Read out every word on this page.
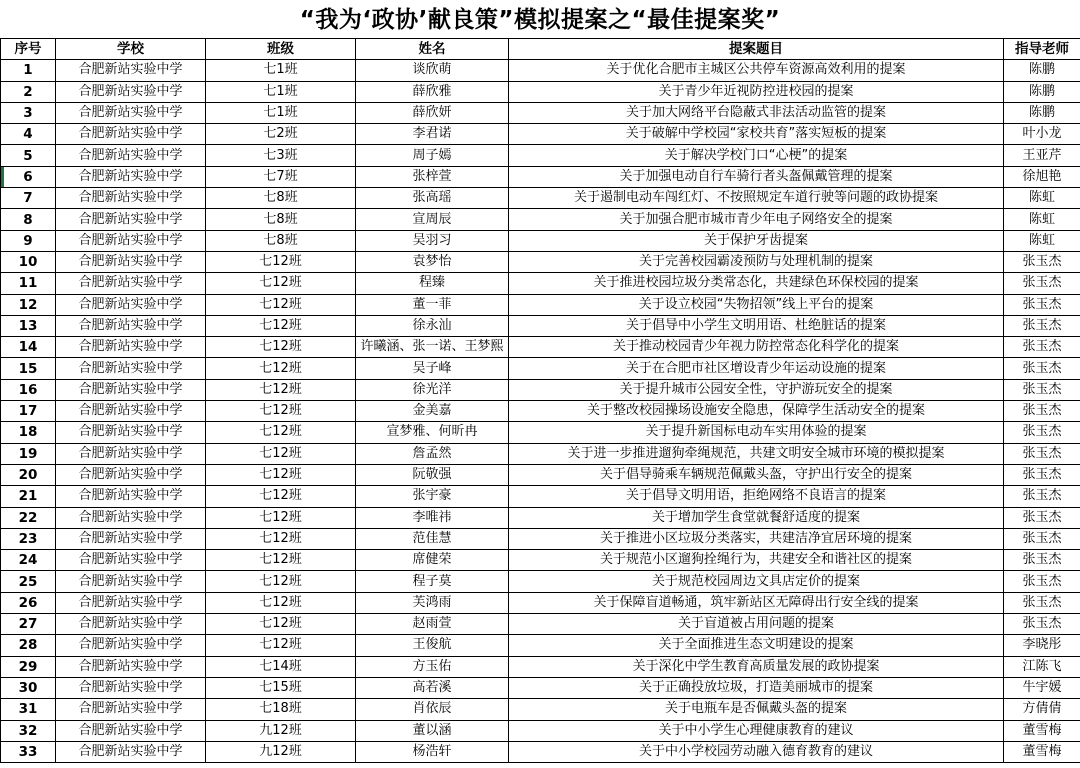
“我为‘政协’献良策”模拟提案之“最佳提案奖”
序号	学校	班级	姓名	提案题目	指导老师
1	合肥新站实验中学	七1班	谈欣萌	关于优化合肥市主城区公共停车资源高效利用的提案	陈鹏
2	合肥新站实验中学	七1班	薛欣雅	关于青少年近视防控进校园的提案	陈鹏
3	合肥新站实验中学	七1班	薛欣妍	关于加大网络平台隐蔽式非法活动监管的提案	陈鹏
4	合肥新站实验中学	七2班	李君诺	关于破解中学校园“家校共育”落实短板的提案	叶小龙
5	合肥新站实验中学	七3班	周子嫣	关于解决学校门口“心梗”的提案	王亚芹
6	合肥新站实验中学	七7班	张梓萱	关于加强电动自行车骑行者头盔佩戴管理的提案	徐旭艳
7	合肥新站实验中学	七8班	张高瑶	关于遏制电动车闯红灯、不按照规定车道行驶等问题的政协提案	陈虹
8	合肥新站实验中学	七8班	宣周辰	关于加强合肥市城市青少年电子网络安全的提案	陈虹
9	合肥新站实验中学	七8班	吴羽习	关于保护牙齿提案	陈虹
10	合肥新站实验中学	七12班	袁梦怡	关于完善校园霸凌预防与处理机制的提案	张玉杰
11	合肥新站实验中学	七12班	程臻	关于推进校园垃圾分类常态化，共建绿色环保校园的提案	张玉杰
12	合肥新站实验中学	七12班	董一菲	关于设立校园“失物招领”线上平台的提案	张玉杰
13	合肥新站实验中学	七12班	徐永汕	关于倡导中小学生文明用语、杜绝脏话的提案	张玉杰
14	合肥新站实验中学	七12班	许曦涵、张一诺、王梦熙	关于推动校园青少年视力防控常态化科学化的提案	张玉杰
15	合肥新站实验中学	七12班	吴子峰	关于在合肥市社区增设青少年运动设施的提案	张玉杰
16	合肥新站实验中学	七12班	徐光洋	关于提升城市公园安全性，守护游玩安全的提案	张玉杰
17	合肥新站实验中学	七12班	金美嘉	关于整改校园操场设施安全隐患，保障学生活动安全的提案	张玉杰
18	合肥新站实验中学	七12班	宣梦雅、何昕冉	关于提升新国标电动车实用体验的提案	张玉杰
19	合肥新站实验中学	七12班	詹孟然	关于进一步推进遛狗牵绳规范，共建文明安全城市环境的模拟提案	张玉杰
20	合肥新站实验中学	七12班	阮敬强	关于倡导骑乘车辆规范佩戴头盔，守护出行安全的提案	张玉杰
21	合肥新站实验中学	七12班	张宇豪	关于倡导文明用语，拒绝网络不良语言的提案	张玉杰
22	合肥新站实验中学	七12班	李唯祎	关于增加学生食堂就餐舒适度的提案	张玉杰
23	合肥新站实验中学	七12班	范佳慧	关于推进小区垃圾分类落实，共建洁净宜居环境的提案	张玉杰
24	合肥新站实验中学	七12班	席健荣	关于规范小区遛狗拴绳行为，共建安全和谐社区的提案	张玉杰
25	合肥新站实验中学	七12班	程子莫	关于规范校园周边文具店定价的提案	张玉杰
26	合肥新站实验中学	七12班	芙鸿雨	关于保障盲道畅通，筑牢新站区无障碍出行安全线的提案	张玉杰
27	合肥新站实验中学	七12班	赵雨萱	关于盲道被占用问题的提案	张玉杰
28	合肥新站实验中学	七12班	王俊航	关于全面推进生态文明建设的提案	李晓彤
29	合肥新站实验中学	七14班	方玉佑	关于深化中学生教育高质量发展的政协提案	江陈飞
30	合肥新站实验中学	七15班	高若溪	关于正确投放垃圾，打造美丽城市的提案	牛宇媛
31	合肥新站实验中学	七18班	肖依辰	关于电瓶车是否佩戴头盔的提案	方倩倩
32	合肥新站实验中学	九12班	董以涵	关于中小学生心理健康教育的建议	董雪梅
33	合肥新站实验中学	九12班	杨浩轩	关于中小学校园劳动融入德育教育的建议	董雪梅
